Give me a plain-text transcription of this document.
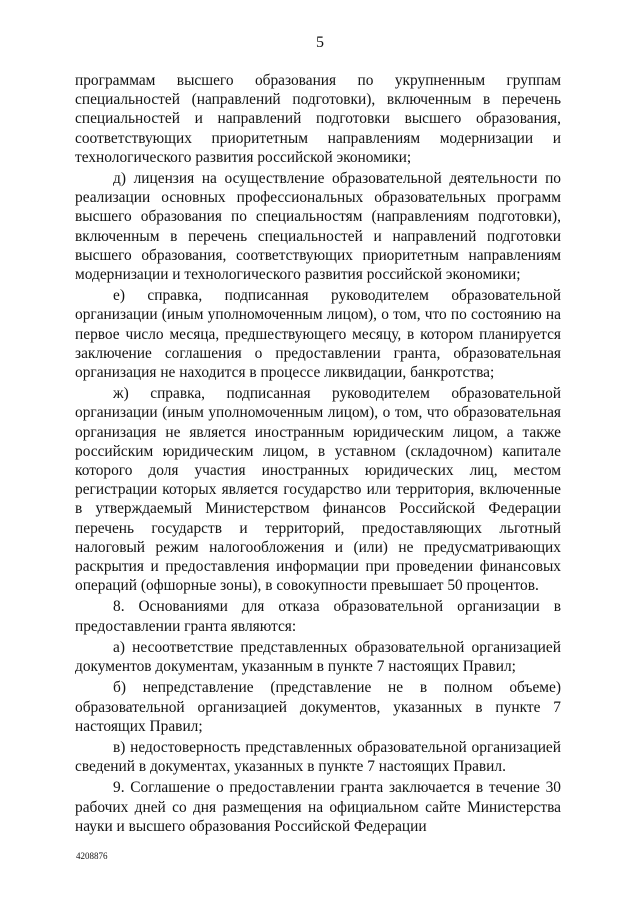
5

программам высшего образования по укрупненным группам специальностей (направлений подготовки), включенным в перечень специальностей и направлений подготовки высшего образования, соответствующих приоритетным направлениям модернизации и технологического развития российской экономики;

д) лицензия на осуществление образовательной деятельности по реализации основных профессиональных образовательных программ высшего образования по специальностям (направлениям подготовки), включенным в перечень специальностей и направлений подготовки высшего образования, соответствующих приоритетным направлениям модернизации и технологического развития российской экономики;

е) справка, подписанная руководителем образовательной организации (иным уполномоченным лицом), о том, что по состоянию на первое число месяца, предшествующего месяцу, в котором планируется заключение соглашения о предоставлении гранта, образовательная организация не находится в процессе ликвидации, банкротства;

ж) справка, подписанная руководителем образовательной организации (иным уполномоченным лицом), о том, что образовательная организация не является иностранным юридическим лицом, а также российским юридическим лицом, в уставном (складочном) капитале которого доля участия иностранных юридических лиц, местом регистрации которых является государство или территория, включенные в утверждаемый Министерством финансов Российской Федерации перечень государств и территорий, предоставляющих льготный налоговый режим налогообложения и (или) не предусматривающих раскрытия и предоставления информации при проведении финансовых операций (офшорные зоны), в совокупности превышает 50 процентов.

8. Основаниями для отказа образовательной организации в предоставлении гранта являются:

а) несоответствие представленных образовательной организацией документов документам, указанным в пункте 7 настоящих Правил;

б) непредставление (представление не в полном объеме) образовательной организацией документов, указанных в пункте 7 настоящих Правил;

в) недостоверность представленных образовательной организацией сведений в документах, указанных в пункте 7 настоящих Правил.

9. Соглашение о предоставлении гранта заключается в течение 30 рабочих дней со дня размещения на официальном сайте Министерства науки и высшего образования Российской Федерации

4208876
